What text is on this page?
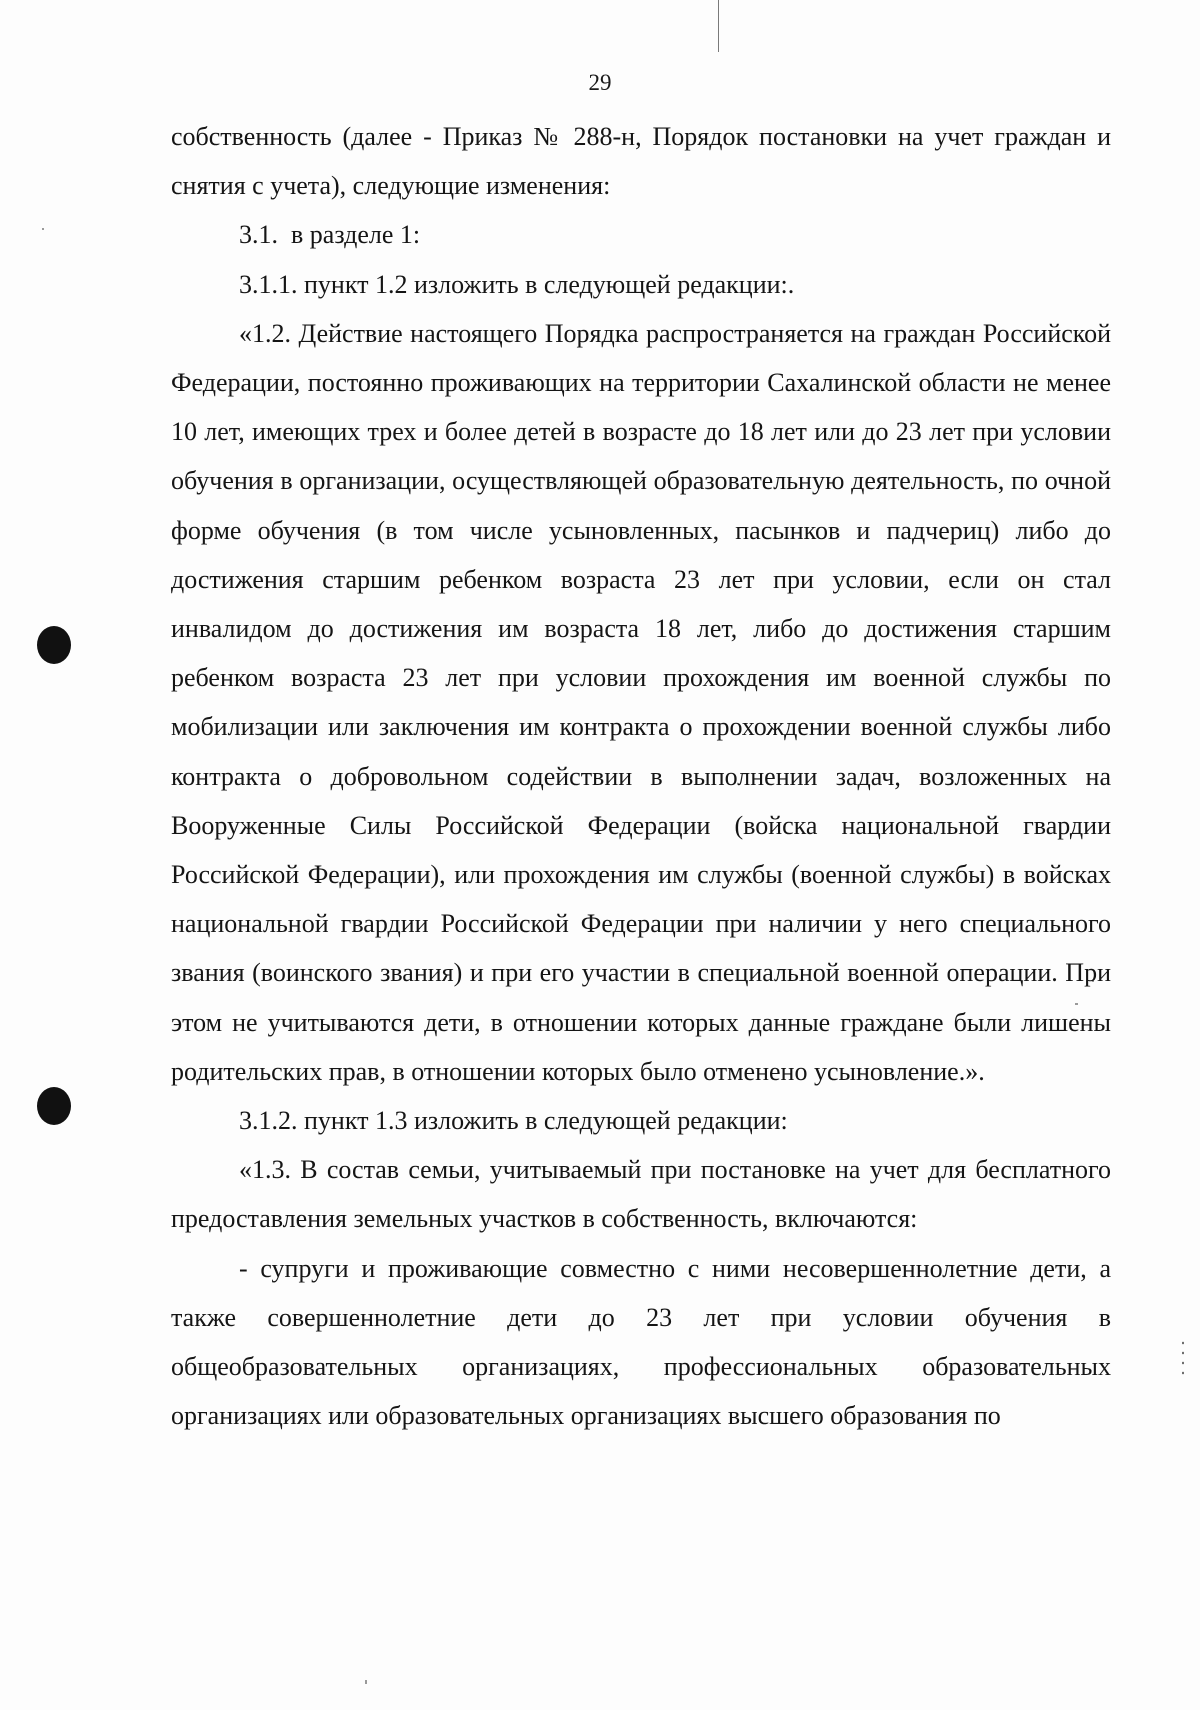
29

собственность (далее - Приказ № 288-н, Порядок постановки на учет граждан и снятия с учета), следующие изменения:

3.1. в разделе 1:

3.1.1. пункт 1.2 изложить в следующей редакции:.

«1.2. Действие настоящего Порядка распространяется на граждан Российской Федерации, постоянно проживающих на территории Сахалинской области не менее 10 лет, имеющих трех и более детей в возрасте до 18 лет или до 23 лет при условии обучения в организации, осуществляющей образовательную деятельность, по очной форме обучения (в том числе усыновленных, пасынков и падчериц) либо до достижения старшим ребенком возраста 23 лет при условии, если он стал инвалидом до достижения им возраста 18 лет, либо до достижения старшим ребенком возраста 23 лет при условии прохождения им военной службы по мобилизации или заключения им контракта о прохождении военной службы либо контракта о добровольном содействии в выполнении задач, возложенных на Вооруженные Силы Российской Федерации (войска национальной гвардии Российской Федерации), или прохождения им службы (военной службы) в войсках национальной гвардии Российской Федерации при наличии у него специального звания (воинского звания) и при его участии в специальной военной операции. При этом не учитываются дети, в отношении которых данные граждане были лишены родительских прав, в отношении которых было отменено усыновление.».

3.1.2. пункт 1.3 изложить в следующей редакции:

«1.3. В состав семьи, учитываемый при постановке на учет для бесплатного предоставления земельных участков в собственность, включаются:

- супруги и проживающие совместно с ними несовершеннолетние дети, а также совершеннолетние дети до 23 лет при условии обучения в общеобразовательных организациях, профессиональных образовательных организациях или образовательных организациях высшего образования по
